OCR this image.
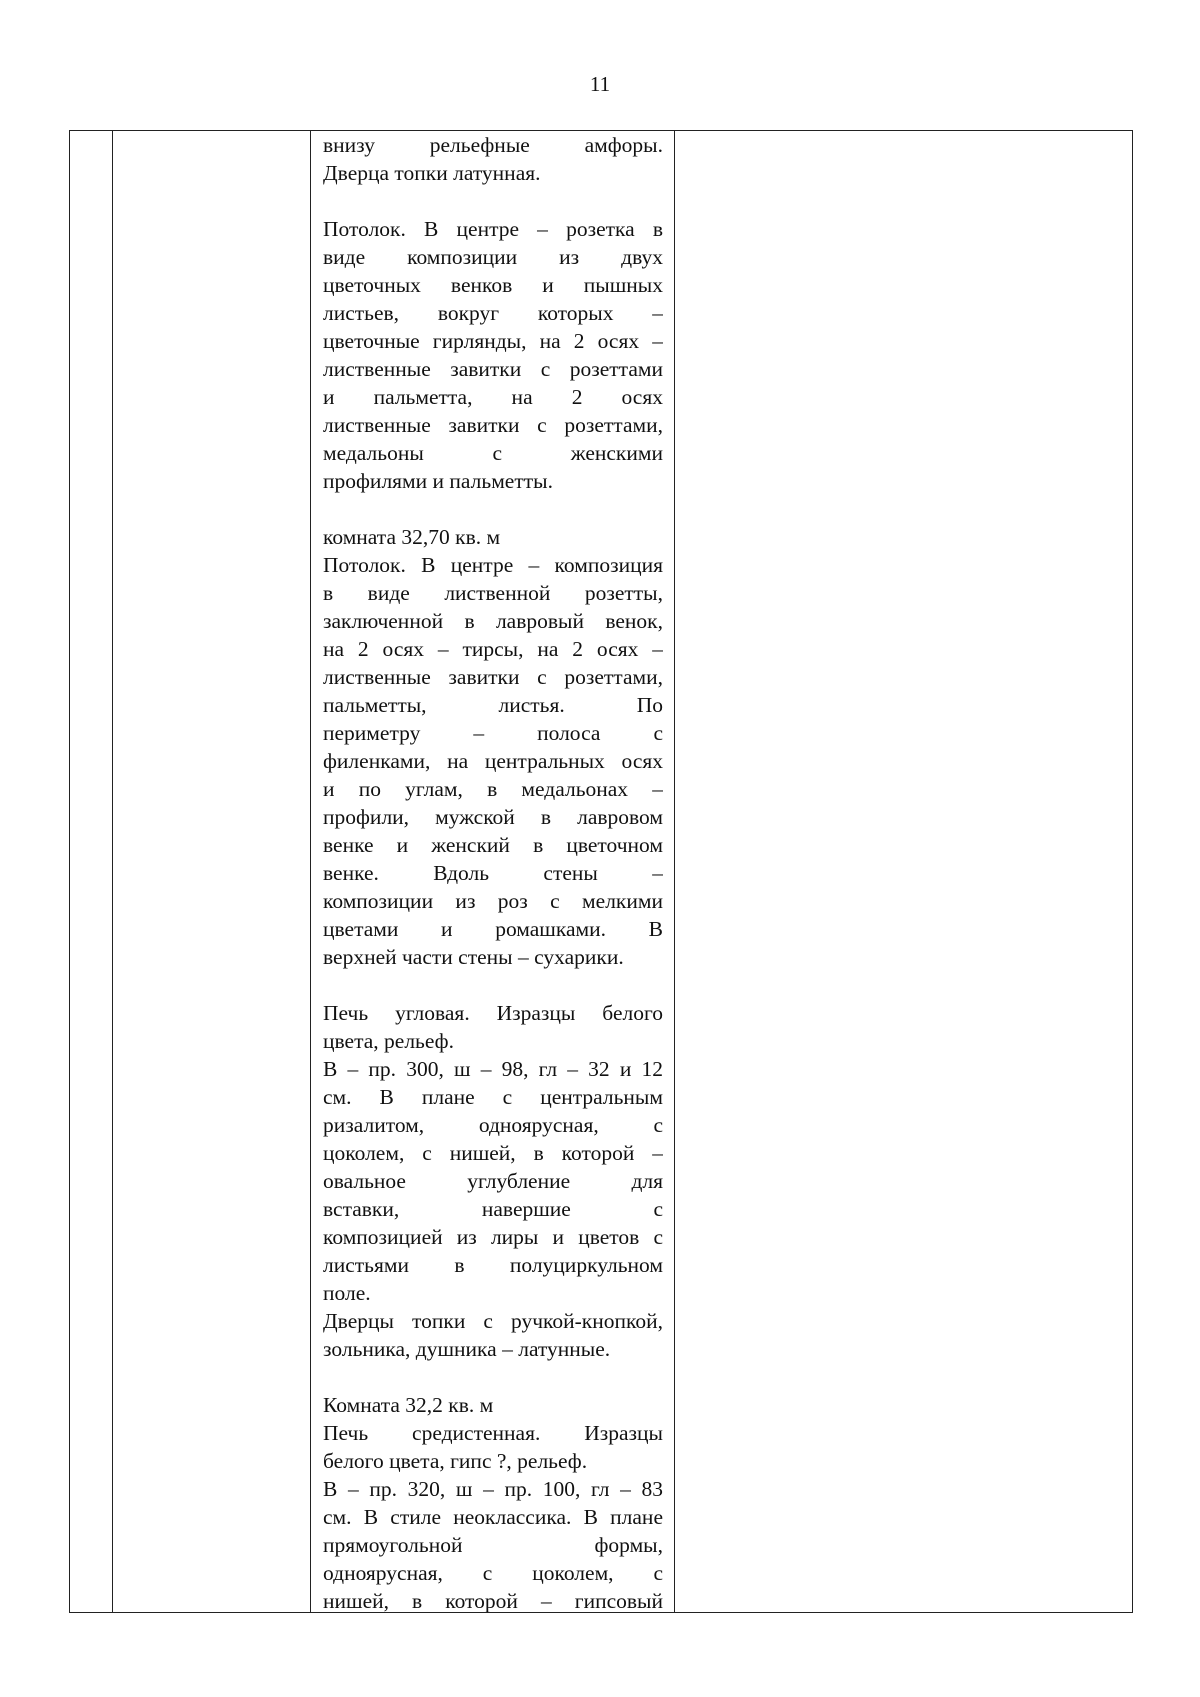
11
внизу рельефные амфоры.
Дверца топки латунная.
Потолок. В центре – розетка в
виде композиции из двух
цветочных венков и пышных
листьев, вокруг которых –
цветочные гирлянды, на 2 осях –
лиственные завитки с розеттами
и пальметта, на 2 осях
лиственные завитки с розеттами,
медальоны с женскими
профилями и пальметты.
комната 32,70 кв. м
Потолок. В центре – композиция
в виде лиственной розетты,
заключенной в лавровый венок,
на 2 осях – тирсы, на 2 осях –
лиственные завитки с розеттами,
пальметты, листья. По
периметру – полоса с
филенками, на центральных осях
и по углам, в медальонах –
профили, мужской в лавровом
венке и женский в цветочном
венке. Вдоль стены –
композиции из роз с мелкими
цветами и ромашками. В
верхней части стены – сухарики.
Печь угловая. Изразцы белого
цвета, рельеф.
В – пр. 300, ш – 98, гл – 32 и 12
см. В плане с центральным
ризалитом, одноярусная, с
цоколем, с нишей, в которой –
овальное углубление для
вставки, навершие с
композицией из лиры и цветов с
листьями в полуциркульном
поле.
Дверцы топки с ручкой-кнопкой,
зольника, душника – латунные.
Комната 32,2 кв. м
Печь средистенная. Изразцы
белого цвета, гипс ?, рельеф.
В – пр. 320, ш – пр. 100, гл – 83
см. В стиле неоклассика. В плане
прямоугольной формы,
одноярусная, с цоколем, с
нишей, в которой – гипсовый
